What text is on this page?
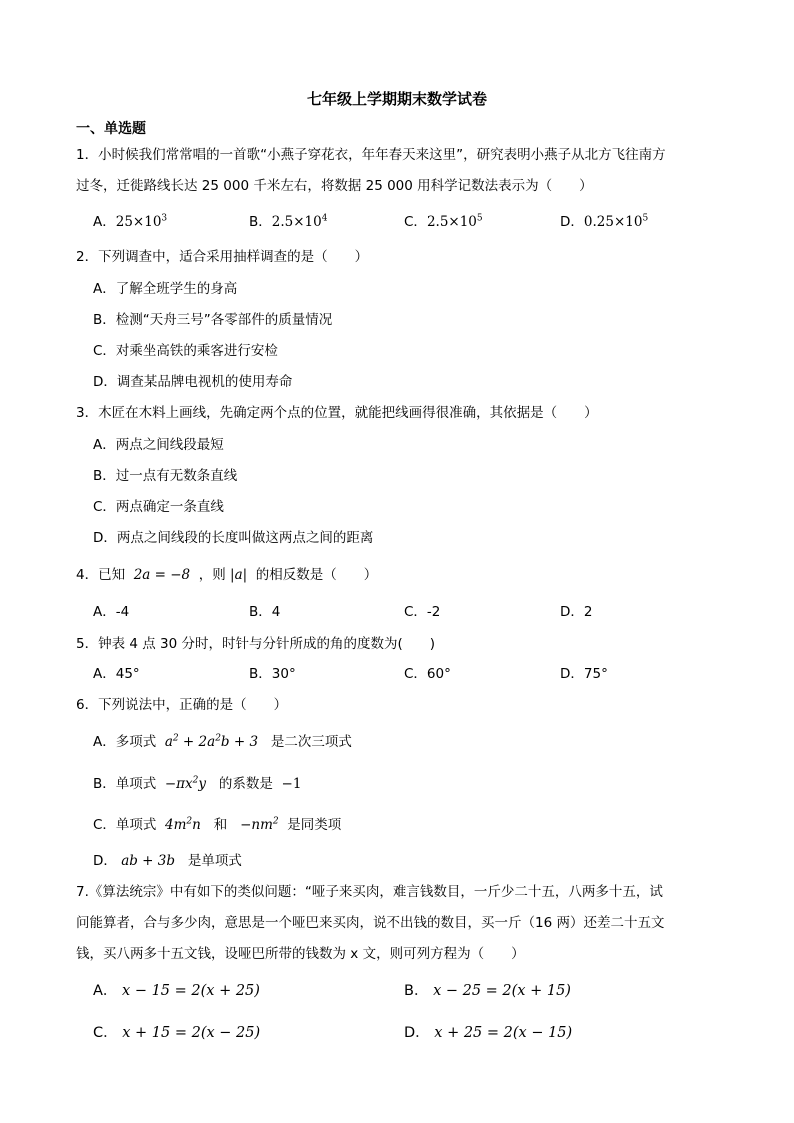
七年级上学期期末数学试卷
一、单选题
1．小时候我们常常唱的一首歌“小燕子穿花衣，年年春天来这里”，研究表明小燕子从北方飞往南方
过冬，迁徙路线长达 25 000 千米左右，将数据 25 000 用科学记数法表示为（　　）
A．$25\times 10^3$	B．$2.5\times 10^4$	C．$2.5\times 10^5$	D．$0.25\times 10^5$
2．下列调查中，适合采用抽样调查的是（　　）
A．了解全班学生的身高
B．检测“天舟三号”各零部件的质量情况
C．对乘坐高铁的乘客进行安检
D．调查某品牌电视机的使用寿命
3．木匠在木料上画线，先确定两个点的位置，就能把线画得很准确，其依据是（　　）
A．两点之间线段最短
B．过一点有无数条直线
C．两点确定一条直线
D．两点之间线段的长度叫做这两点之间的距离
4．已知 2a = −8 ，则 |a| 的相反数是（　　）
A．-4	B．4	C．-2	D．2
5．钟表 4 点 30 分时，时针与分针所成的角的度数为(　　)
A．45°	B．30°	C．60°	D．75°
6．下列说法中，正确的是（　　）
A．多项式 $a^2 + 2a^2b + 3$ 是二次三项式
B．单项式 $-\pi x^2y$ 的系数是 −1
C．单项式 $4m^2n$ 和 $-nm^2$ 是同类项
D． ab + 3b 是单项式
7.《算法统宗》中有如下的类似问题：“哑子来买肉，难言钱数目，一斤少二十五，八两多十五，试
问能算者，合与多少肉，意思是一个哑巴来买肉，说不出钱的数目，买一斤（16 两）还差二十五文
钱，买八两多十五文钱，设哑巴所带的钱数为 x 文，则可列方程为（　　）
A． x − 15 = 2(x + 25)	B． x − 25 = 2(x + 15)
C． x + 15 = 2(x − 25)	D． x + 25 = 2(x − 15)
